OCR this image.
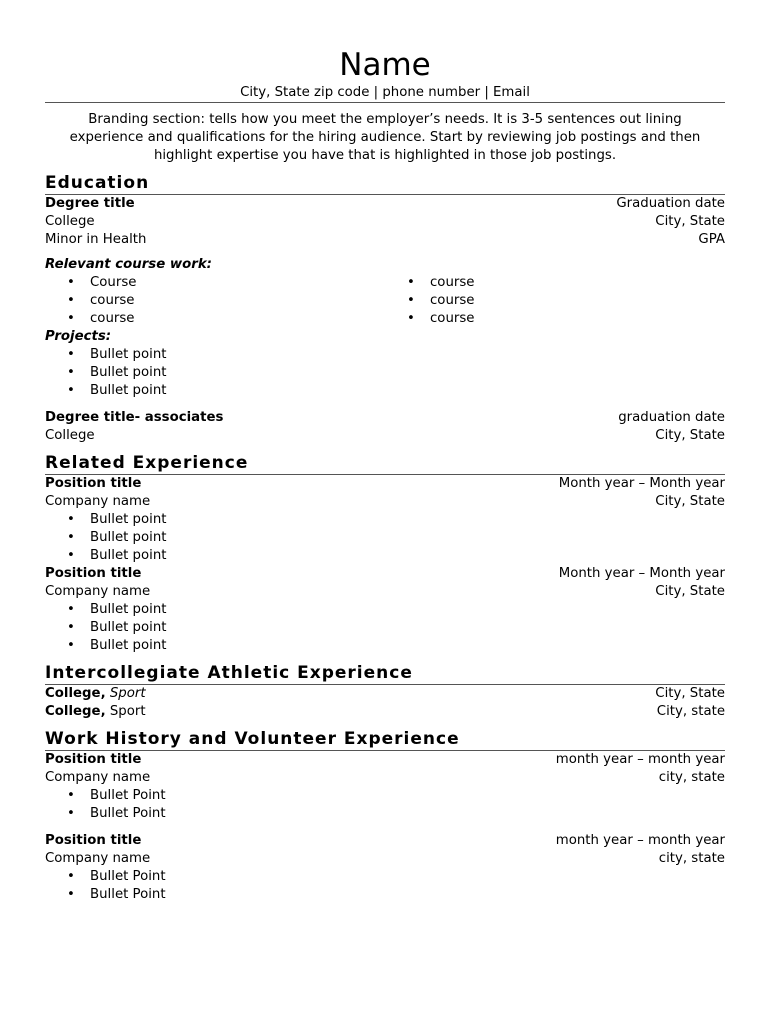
Name
City, State zip code | phone number | Email
Branding section: tells how you meet the employer’s needs. It is 3-5 sentences out lining experience and qualifications for the hiring audience. Start by reviewing job postings and then highlight expertise you have that is highlighted in those job postings.
Education
Degree title	Graduation date
College	City, State
Minor in Health	GPA
Relevant course work:
• Course
• course
• course
• course
• course
• course
Projects:
• Bullet point
• Bullet point
• Bullet point
Degree title- associates	graduation date
College	City, State
Related Experience
Position title	Month year – Month year
Company name	City, State
• Bullet point
• Bullet point
• Bullet point
Position title	Month year – Month year
Company name	City, State
• Bullet point
• Bullet point
• Bullet point
Intercollegiate Athletic Experience
College, Sport	City, State
College, Sport	City, state
Work History and Volunteer Experience
Position title	month year – month year
Company name	city, state
• Bullet Point
• Bullet Point
Position title	month year – month year
Company name	city, state
• Bullet Point
• Bullet Point
